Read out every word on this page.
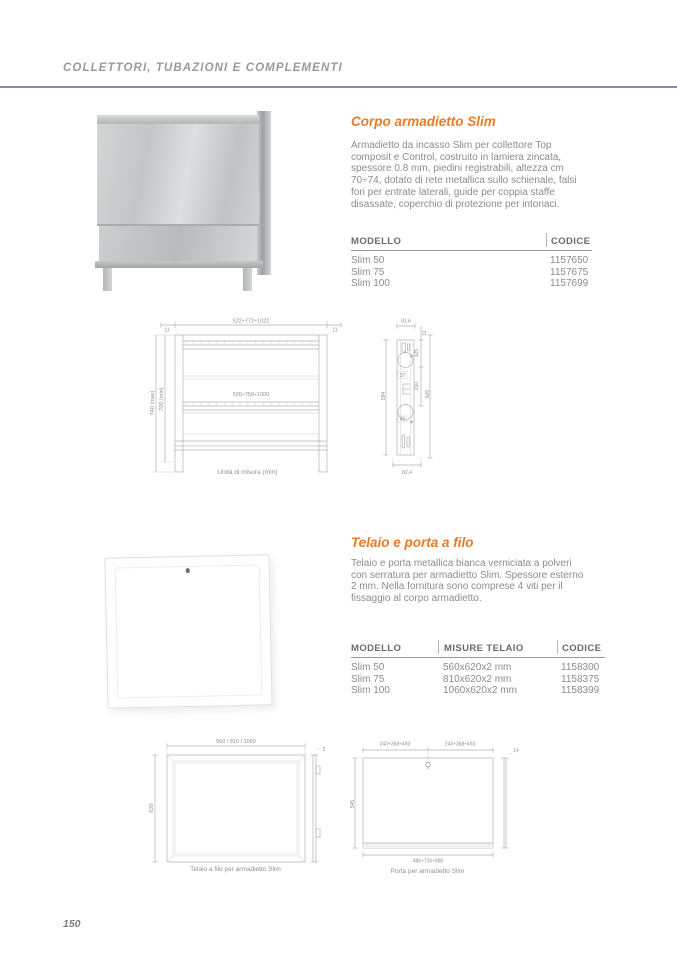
COLLETTORI, TUBAZIONI E COMPLEMENTI
Corpo armadietto Slim
Armadietto da incasso Slim per collettore Top
composit e Control, costruito in lamiera zincata,
spessore 0.8 mm, piedini registrabili, altezza cm
70÷74, dotato di rete metallica sullo schienale, falsi
fori per entrate laterali, guide per coppia staffe
disassate, coperchio di protezione per intonaci.
MODELLO	CODICE
Slim 50	1157650
Slim 75	1157675
Slim 100	1157699
522÷772÷1022
11	11
500÷750÷1000
740 (max) 700 (min)
Unità di misura (mm)
81.6
37
42
11
125
210
605
594
82.4
Telaio e porta a filo
Telaio e porta metallica bianca verniciata a polveri
con serratura per armadietto Slim. Spessore esterno
2 mm. Nella fornitura sono comprese 4 viti per il
fissaggio al corpo armadietto.
MODELLO	MISURE TELAIO	CODICE
Slim 50	560x620x2 mm	1158300
Slim 75	810x620x2 mm	1158375
Slim 100	1060x620x2 mm	1158399
560 / 810 / 1060
620
2
Telaio a filo per armadietto Slim
243÷368÷493	243÷368÷493
545
14
486÷736÷986
Porta per armadietto Slim
150
